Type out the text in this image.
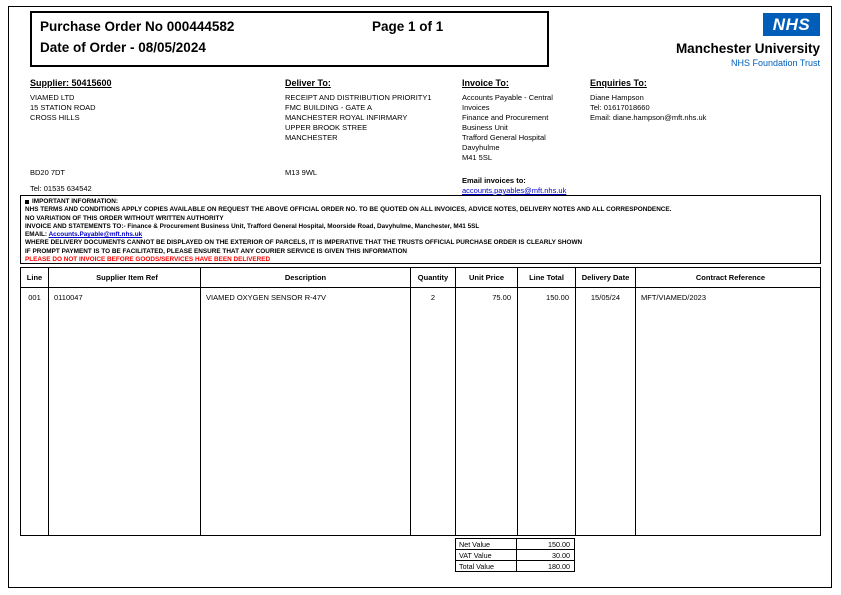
Purchase Order No 000444582	Page 1 of 1
Date of Order - 08/05/2024
NHS
Manchester University
NHS Foundation Trust
Supplier: 50415600
VIAMED LTD
15 STATION ROAD
CROSS HILLS
BD20 7DT
Tel: 01535 634542
Deliver To:
RECEIPT AND DISTRIBUTION PRIORITY1
FMC BUILDING - GATE A
MANCHESTER ROYAL INFIRMARY
UPPER BROOK STREE
MANCHESTER
M13 9WL
Invoice To:
Accounts Payable - Central
Invoices
Finance and Procurement
Business Unit
Trafford General Hospital
Davyhulme
M41 5SL
Email invoices to:
accounts.payables@mft.nhs.uk
Enquiries To:
Diane Hampson
Tel: 01617018660
Email: diane.hampson@mft.nhs.uk
IMPORTANT INFORMATION:
NHS TERMS AND CONDITIONS APPLY COPIES AVAILABLE ON REQUEST THE ABOVE OFFICIAL ORDER NO. TO BE QUOTED ON ALL INVOICES, ADVICE NOTES, DELIVERY NOTES AND ALL CORRESPONDENCE.
NO VARIATION OF THIS ORDER WITHOUT WRITTEN AUTHORITY
INVOICE AND STATEMENTS TO:- Finance & Procurement Business Unit, Trafford General Hospital, Moorside Road, Davyhulme, Manchester, M41 5SL
EMAIL: Accounts.Payable@mft.nhs.uk
WHERE DELIVERY DOCUMENTS CANNOT BE DISPLAYED ON THE EXTERIOR OF PARCELS, IT IS IMPERATIVE THAT THE TRUSTS OFFICIAL PURCHASE ORDER IS CLEARLY SHOWN
IF PROMPT PAYMENT IS TO BE FACILITATED, PLEASE ENSURE THAT ANY COURIER SERVICE IS GIVEN THIS INFORMATION
PLEASE DO NOT INVOICE BEFORE GOODS/SERVICES HAVE BEEN DELIVERED
Line	Supplier Item Ref	Description	Quantity	Unit Price	Line Total	Delivery Date	Contract Reference
001	0110047	VIAMED OXYGEN SENSOR R-47V	2	75.00	150.00	15/05/24	MFT/VIAMED/2023
Net Value	150.00
VAT Value	30.00
Total Value	180.00
